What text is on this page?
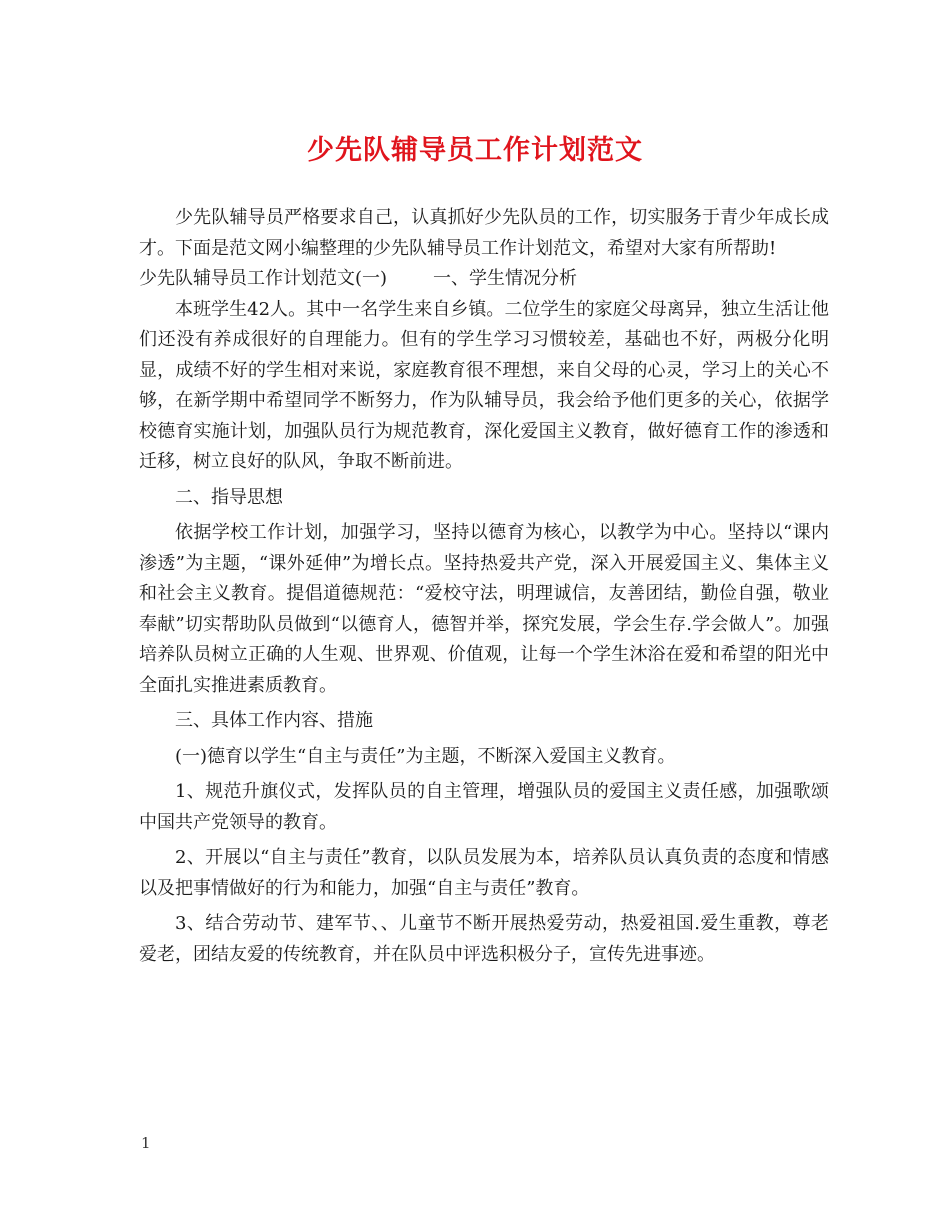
少先队辅导员工作计划范文

少先队辅导员严格要求自己，认真抓好少先队员的工作，切实服务于青少年成长成才。下面是范文网小编整理的少先队辅导员工作计划范文，希望对大家有所帮助!

少先队辅导员工作计划范文(一)	一、学生情况分析

本班学生42人。其中一名学生来自乡镇。二位学生的家庭父母离异，独立生活让他们还没有养成很好的自理能力。但有的学生学习习惯较差，基础也不好，两极分化明显，成绩不好的学生相对来说，家庭教育很不理想，来自父母的心灵，学习上的关心不够，在新学期中希望同学不断努力，作为队辅导员，我会给予他们更多的关心，依据学校德育实施计划，加强队员行为规范教育，深化爱国主义教育，做好德育工作的渗透和迁移，树立良好的队风，争取不断前进。

二、指导思想

依据学校工作计划，加强学习，坚持以德育为核心，以教学为中心。坚持以“课内渗透”为主题，“课外延伸”为增长点。坚持热爱共产党，深入开展爱国主义、集体主义和社会主义教育。提倡道德规范：“爱校守法，明理诚信，友善团结，勤俭自强，敬业奉献”切实帮助队员做到“以德育人，德智并举，探究发展，学会生存.学会做人”。加强培养队员树立正确的人生观、世界观、价值观，让每一个学生沐浴在爱和希望的阳光中全面扎实推进素质教育。

三、具体工作内容、措施

(一)德育以学生“自主与责任”为主题，不断深入爱国主义教育。

1、规范升旗仪式，发挥队员的自主管理，增强队员的爱国主义责任感，加强歌颂中国共产党领导的教育。

2、开展以“自主与责任”教育，以队员发展为本，培养队员认真负责的态度和情感以及把事情做好的行为和能力，加强“自主与责任”教育。

3、结合劳动节、建军节、、儿童节不断开展热爱劳动，热爱祖国.爱生重教，尊老爱老，团结友爱的传统教育，并在队员中评选积极分子，宣传先进事迹。

1
